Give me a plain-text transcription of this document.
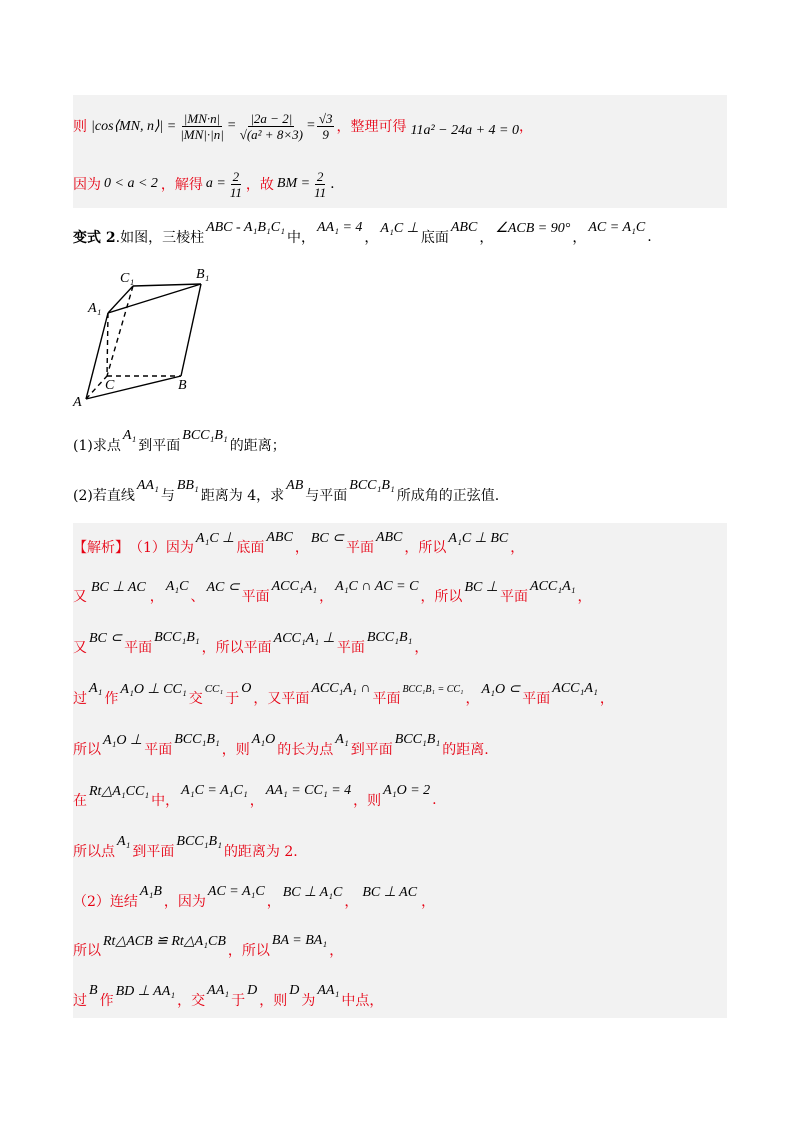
则 |cos⟨MN, n⟩| = $\frac{|MN\cdot n|}{|MN|\cdot|n|} = \frac{|2a - 2|}{\text{√(a² + 8×3)}} = \frac{√3}{9}$ ，整理可得 11a² − 24a + 4 = 0 ，
因为 0 < a < 2 ，解得 $a = \frac{2}{11}$ ，故 BM = $\frac{2}{11}$ .
变式 2 .如图，三棱柱
ABC - A₁B₁C₁
中，
AA₁ = 4
，
A₁C ⊥
底面
ABC
，
∠ACB = 90°
，
AC = A₁C
.
C₁	B₁
A₁
C	B
A
(1)求点
A₁
到平面
BCC₁B₁
的距离；
(2)若直线
AA₁
与
BB₁
距离为 4，求
AB
与平面
BCC₁B₁
所成角的正弦值.
【解析】 （1）因为
A₁C ⊥
底面
ABC
，
BC ⊂
平面
ABC
，所以
A₁C ⊥ BC
，
又
BC ⊥ AC
，
A₁C
、
AC ⊂
平面
ACC₁A₁
，
A₁C ∩ AC = C
，所以
BC ⊥
平面
ACC₁A₁
，
又
BC ⊂
平面
BCC₁B₁
，所以平面
ACC₁A₁ ⊥
平面
BCC₁B₁
，
过
A₁
作
A₁O ⊥ CC₁
交
CC₁
于
O
，又平面
ACC₁A₁ ∩
平面
BCC₁B₁ = CC₁
，
A₁O ⊂
平面
ACC₁A₁
，
所以
A₁O ⊥
平面
BCC₁B₁
，则
A₁O
的长为点
A₁
到平面
BCC₁B₁
的距离.
在
Rt△A₁CC₁
中，
A₁C = A₁C₁
，
AA₁ = CC₁ = 4
，则
A₁O = 2
.
所以点
A₁
到平面
BCC₁B₁
的距离为 2.
（2）连结
A₁B
，因为
AC = A₁C
，
BC ⊥ A₁C
，
BC ⊥ AC
，
所以
Rt△ACB ≌ Rt△A₁CB
，所以
BA = BA₁
，
过
B
作
BD ⊥ AA₁
，交
AA₁
于
D
，则
D
为
AA₁
中点，
